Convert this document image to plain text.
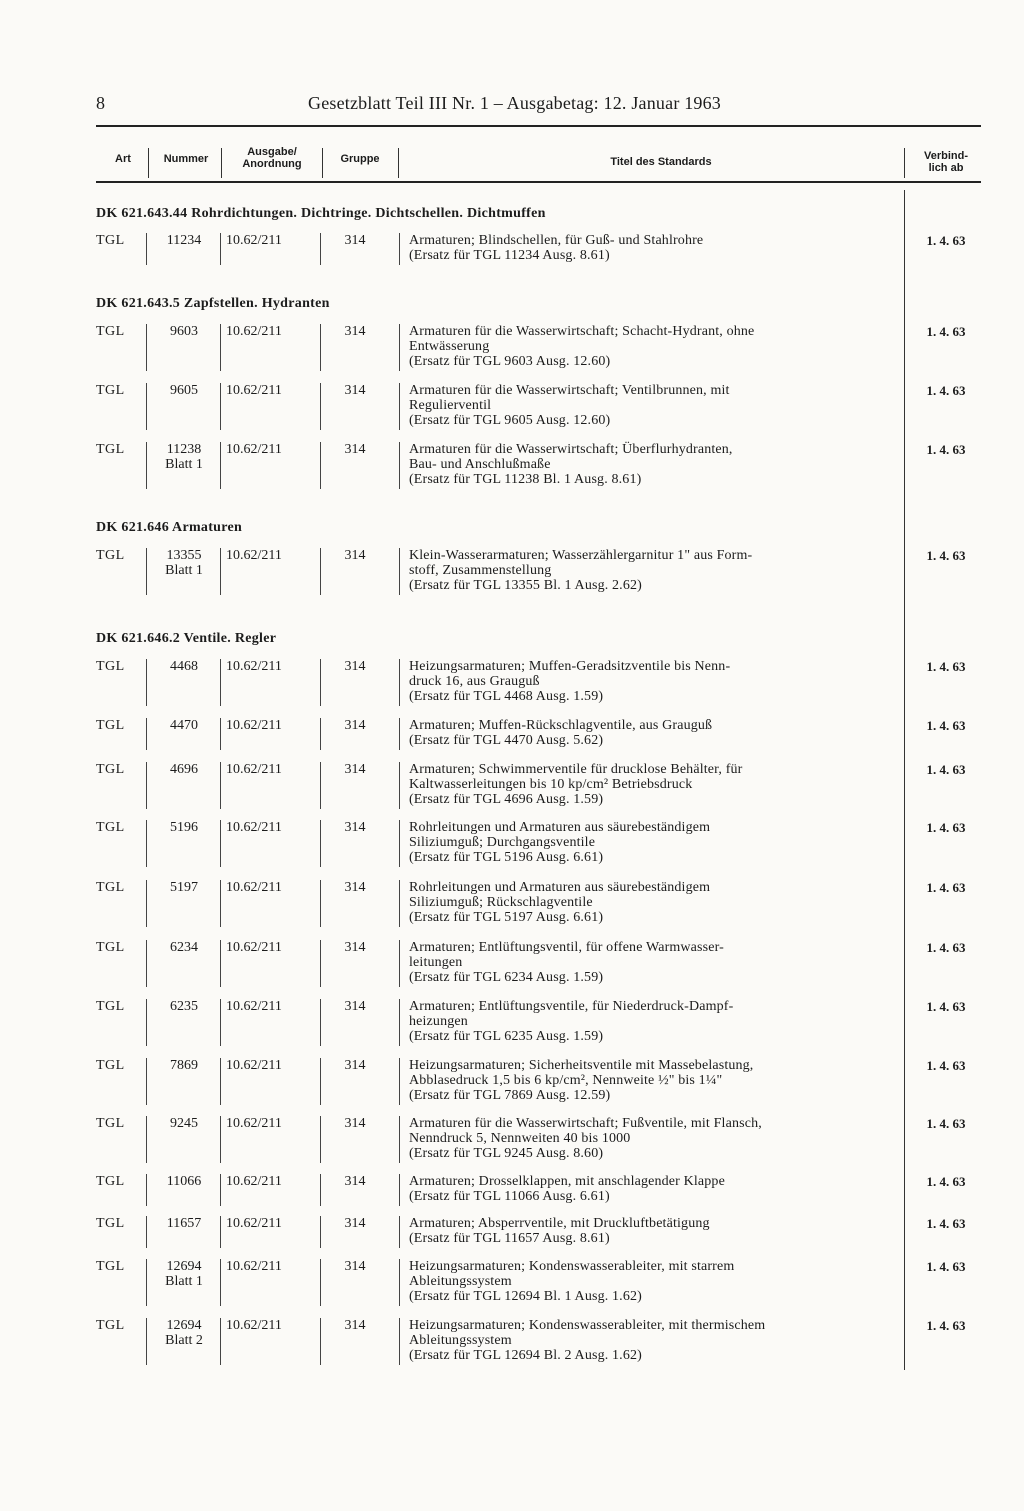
8	Gesetzblatt Teil III Nr. 1 – Ausgabetag: 12. Januar 1963
Art	Nummer
Ausgabe/
Anordnung	Gruppe	Titel des Standards	Verbind-
lich ab
DK 621.643.44 Rohrdichtungen. Dichtringe. Dichtschellen. Dichtmuffen
TGL	11234	10.62/211	314	Armaturen; Blindschellen, für Guß- und Stahlrohre
(Ersatz für TGL 11234 Ausg. 8.61)
1. 4. 63
DK 621.643.5 Zapfstellen. Hydranten
TGL	9603	10.62/211	314	Armaturen für die Wasserwirtschaft; Schacht-Hydrant, ohne
Entwässerung
(Ersatz für TGL 9603 Ausg. 12.60)
1. 4. 63
TGL	9605	10.62/211	314	Armaturen für die Wasserwirtschaft; Ventilbrunnen, mit
Regulierventil
(Ersatz für TGL 9605 Ausg. 12.60)
1. 4. 63
TGL	11238
Blatt 1
10.62/211	314	Armaturen für die Wasserwirtschaft; Überflurhydranten,
Bau- und Anschlußmaße
(Ersatz für TGL 11238 Bl. 1 Ausg. 8.61)
1. 4. 63
DK 621.646 Armaturen
TGL	13355
Blatt 1
10.62/211	314	Klein-Wasserarmaturen; Wasserzählergarnitur 1" aus Form-
stoff, Zusammenstellung
(Ersatz für TGL 13355 Bl. 1 Ausg. 2.62)
1. 4. 63
DK 621.646.2 Ventile. Regler
TGL	4468	10.62/211	314	Heizungsarmaturen; Muffen-Geradsitzventile bis Nenn-
druck 16, aus Grauguß
(Ersatz für TGL 4468 Ausg. 1.59)
1. 4. 63
TGL	4470	10.62/211	314	Armaturen; Muffen-Rückschlagventile, aus Grauguß
(Ersatz für TGL 4470 Ausg. 5.62)
1. 4. 63
TGL	4696	10.62/211	314	Armaturen; Schwimmerventile für drucklose Behälter, für
Kaltwasserleitungen bis 10 kp/cm² Betriebsdruck
(Ersatz für TGL 4696 Ausg. 1.59)
1. 4. 63
TGL	5196	10.62/211	314	Rohrleitungen und Armaturen aus säurebeständigem
Siliziumguß; Durchgangsventile
(Ersatz für TGL 5196 Ausg. 6.61)
1. 4. 63
TGL	5197	10.62/211	314	Rohrleitungen und Armaturen aus säurebeständigem
Siliziumguß; Rückschlagventile
(Ersatz für TGL 5197 Ausg. 6.61)
1. 4. 63
TGL	6234	10.62/211	314	Armaturen; Entlüftungsventil, für offene Warmwasser-
leitungen
(Ersatz für TGL 6234 Ausg. 1.59)
1. 4. 63
TGL	6235	10.62/211	314	Armaturen; Entlüftungsventile, für Niederdruck-Dampf-
heizungen
(Ersatz für TGL 6235 Ausg. 1.59)
1. 4. 63
TGL	7869	10.62/211	314	Heizungsarmaturen; Sicherheitsventile mit Massebelastung,
Abblasedruck 1,5 bis 6 kp/cm², Nennweite ½" bis 1¼"
(Ersatz für TGL 7869 Ausg. 12.59)
1. 4. 63
TGL	9245	10.62/211	314	Armaturen für die Wasserwirtschaft; Fußventile, mit Flansch,
Nenndruck 5, Nennweiten 40 bis 1000
(Ersatz für TGL 9245 Ausg. 8.60)
1. 4. 63
TGL	11066	10.62/211	314	Armaturen; Drosselklappen, mit anschlagender Klappe
(Ersatz für TGL 11066 Ausg. 6.61)
1. 4. 63
TGL	11657	10.62/211	314	Armaturen; Absperrventile, mit Druckluftbetätigung
(Ersatz für TGL 11657 Ausg. 8.61)
1. 4. 63
TGL	12694
Blatt 1
10.62/211	314	Heizungsarmaturen; Kondenswasserableiter, mit starrem
Ableitungssystem
(Ersatz für TGL 12694 Bl. 1 Ausg. 1.62)
1. 4. 63
TGL	12694
Blatt 2
10.62/211	314	Heizungsarmaturen; Kondenswasserableiter, mit thermischem
Ableitungssystem
(Ersatz für TGL 12694 Bl. 2 Ausg. 1.62)
1. 4. 63
